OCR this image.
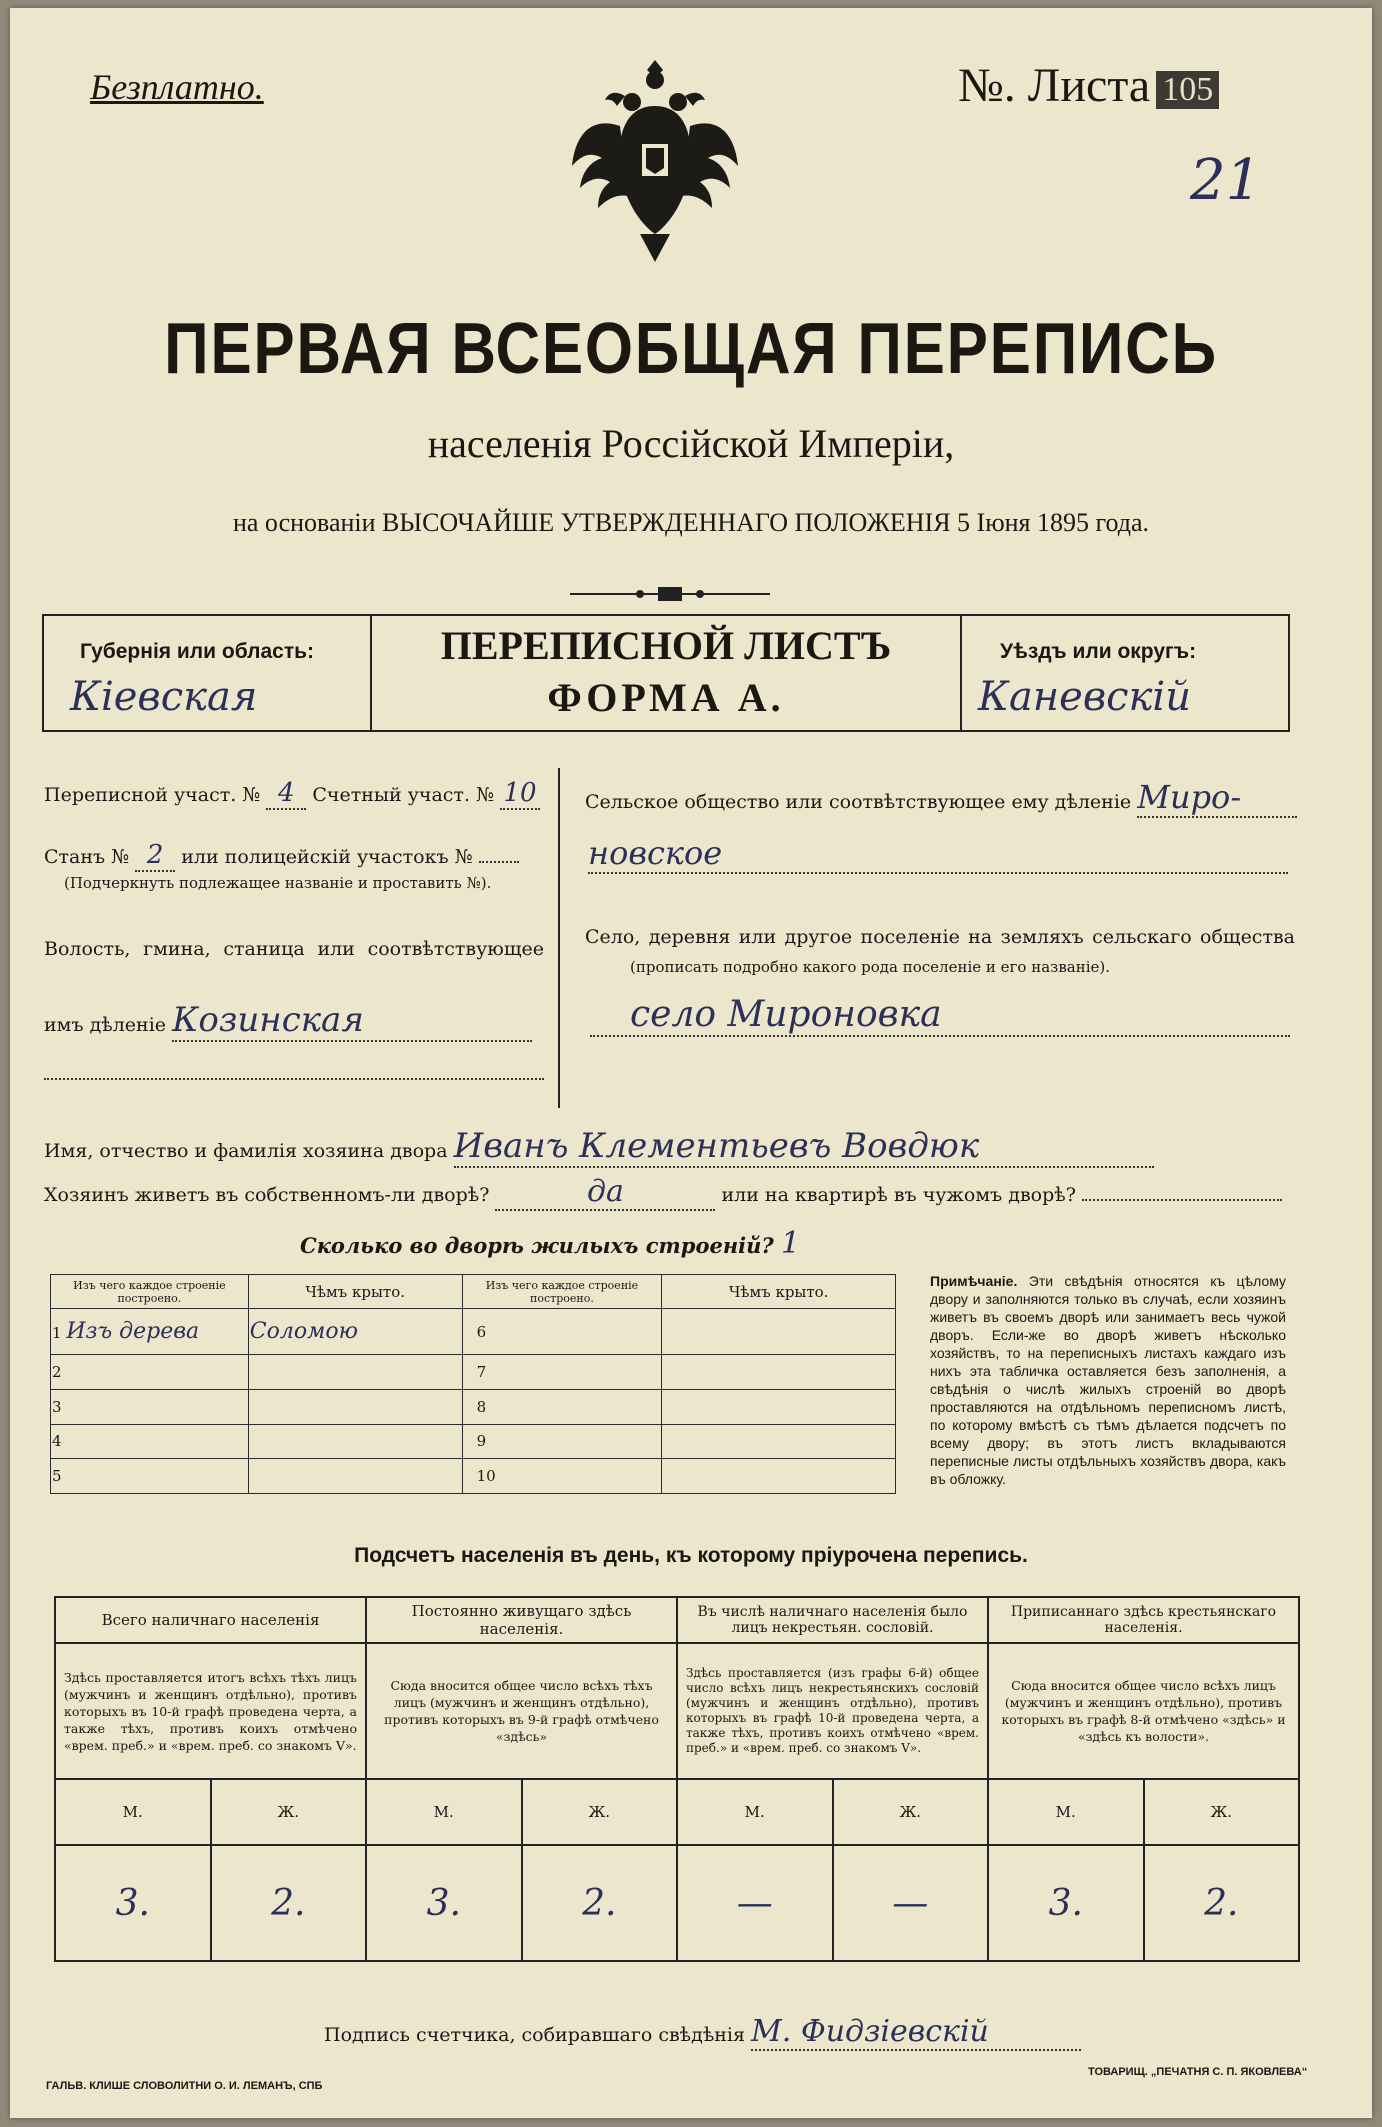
Безплатно.	№. Листа 105
21
ПЕРВАЯ ВСЕОБЩАЯ ПЕРЕПИСЬ
населенія Россійской Имперіи,
на основаніи ВЫСОЧАЙШЕ УТВЕРЖДЕННАГО ПОЛОЖЕНІЯ 5 Іюня 1895 года.
Губернія или область:
Кіевская
ПЕРЕПИСНОЙ ЛИСТЪ
ФОРМА А.
Уѣздъ или округъ:
Каневскій
Переписной участ. № 4 Счетный участ. № 10
Станъ № 2 или полицейскій участокъ №
(Подчеркнуть подлежащее названіе и проставить №).
Волость, гмина, станица или соотвѣтствующее
имъ дѣленіе Козинская
Сельское общество или соотвѣтствующее ему дѣленіе Миро-
новское
Село, деревня или другое поселеніе на земляхъ сельскаго общества
(прописать подробно какого рода поселеніе и его названіе).
село Мироновка
Имя, отчество и фамилія хозяина двора Иванъ Клементьевъ Вовдюк
Хозяинъ живетъ въ собственномъ-ли дворѣ?	да	или на квартирѣ въ чужомъ дворѣ?
Сколько во дворѣ жилыхъ строеній? 1
Изъ чего каждое строеніе построено.	Чѣмъ крыто.	Изъ чего каждое строеніе построено.	Чѣмъ крыто.
1 Изъ дерева	Соломою	6	
2		7	
3		8	
4		9	
5		10	
Примѣчаніе. Эти свѣдѣнія относятся къ цѣлому двору и заполняются только въ случаѣ, если хозяинъ живетъ въ своемъ дворѣ или занимаетъ весь чужой дворъ. Если-же во дворѣ живетъ нѣсколько хозяйствъ, то на переписныхъ листахъ каждаго изъ нихъ эта табличка оставляется безъ заполненія, а свѣдѣнія о числѣ жилыхъ строеній во дворѣ проставляются на отдѣльномъ переписномъ листѣ, по которому вмѣстѣ съ тѣмъ дѣлается подсчетъ по всему двору; въ этотъ листъ вкладываются переписные листы отдѣльныхъ хозяйствъ двора, какъ въ обложку.
Подсчетъ населенія въ день, къ которому пріурочена перепись.
Всего наличнаго населенія		Постоянно живущаго здѣсь населенія.		Въ числѣ наличнаго населенія было лицъ некрестьян. сословій.		Приписаннаго здѣсь крестьянскаго населенія.	
Здѣсь проставляется итогъ всѣхъ тѣхъ лицъ (мужчинъ и женщинъ отдѣльно), противъ которыхъ въ 10-й графѣ проведена черта, а также тѣхъ, противъ коихъ отмѣчено «врем. преб.» и «врем. преб. со знакомъ V».		Сюда вносится общее число всѣхъ тѣхъ лицъ (мужчинъ и женщинъ отдѣльно), противъ которыхъ въ 9-й графѣ отмѣчено «здѣсь»		Здѣсь проставляется (изъ графы 6-й) общее число всѣхъ лицъ некрестьянскихъ сословій (мужчинъ и женщинъ отдѣльно), противъ которыхъ въ графѣ 10-й проведена черта, а также тѣхъ, противъ коихъ отмѣчено «врем. преб.» и «врем. преб. со знакомъ V».		Сюда вносится общее число всѣхъ лицъ (мужчинъ и женщинъ отдѣльно), противъ которыхъ въ графѣ 8-й отмѣчено «здѣсь» и «здѣсь къ волости».	
М.	Ж.	М.	Ж.	М.	Ж.	М.	Ж.
3.	2.	3.	2.	—	—	3.	2.
Подпись счетчика, собиравшаго свѣдѣнія М. Фидзіевскій
ГАЛЬВ. КЛИШЕ СЛОВОЛИТНИ О. И. ЛЕМАНЪ, СПБ
ТОВАРИЩ. „ПЕЧАТНЯ С. П. ЯКОВЛЕВА“
